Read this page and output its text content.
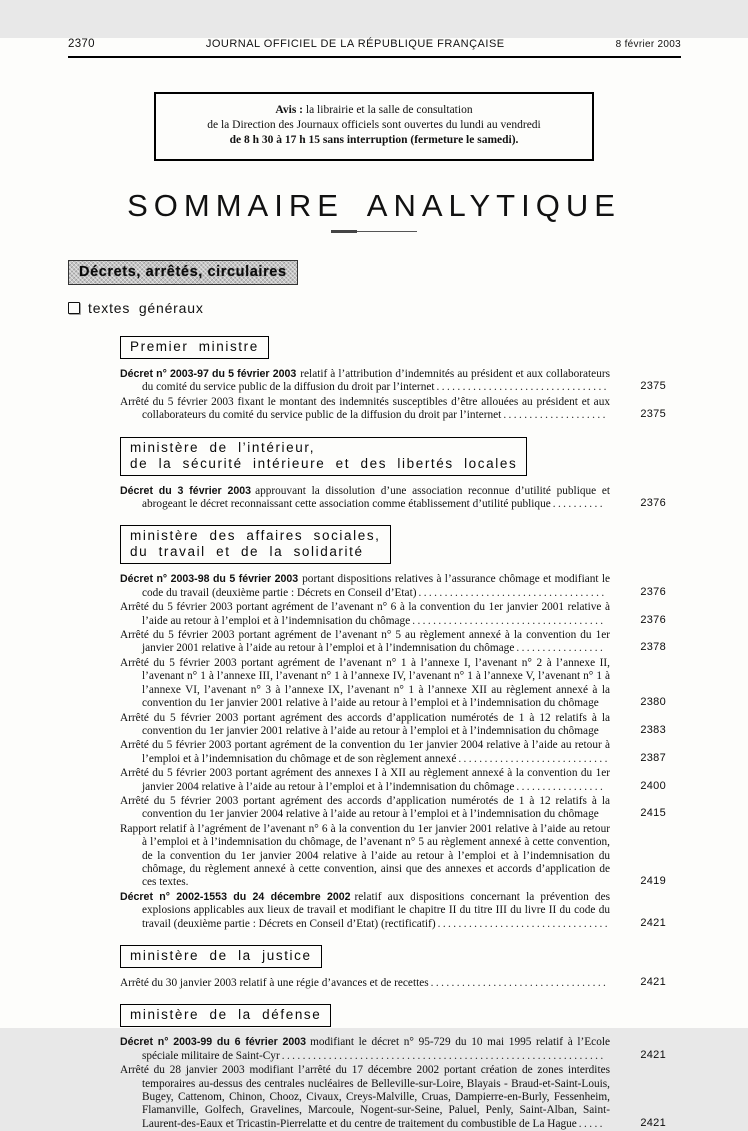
2370	JOURNAL OFFICIEL DE LA RÉPUBLIQUE FRANÇAISE	8 février 2003
Avis : la librairie et la salle de consultation
de la Direction des Journaux officiels sont ouvertes du lundi au vendredi
de 8 h 30 à 17 h 15 sans interruption (fermeture le samedi).
SOMMAIRE ANALYTIQUE
Décrets, arrêtés, circulaires
textes généraux
Premier ministre
Décret n° 2003-97 du 5 février 2003 relatif à l’attribution d’indemnités au président et aux collaborateurs du comité du service public de la diffusion du droit par l’internet .................................	2375
Arrêté du 5 février 2003 fixant le montant des indemnités susceptibles d’être allouées au président et aux collaborateurs du comité du service public de la diffusion du droit par l’internet ....................	2375
ministère de l’intérieur,
de la sécurité intérieure et des libertés locales
Décret du 3 février 2003 approuvant la dissolution d’une association reconnue d’utilité publique et abrogeant le décret reconnaissant cette association comme établissement d’utilité publique ..........	2376
ministère des affaires sociales,
du travail et de la solidarité
Décret n° 2003-98 du 5 février 2003 portant dispositions relatives à l’assurance chômage et modifiant le code du travail (deuxième partie : Décrets en Conseil d’Etat) ....................................	2376
Arrêté du 5 février 2003 portant agrément de l’avenant n° 6 à la convention du 1er janvier 2001 relative à l’aide au retour à l’emploi et à l’indemnisation du chômage .....................................	2376
Arrêté du 5 février 2003 portant agrément de l’avenant n° 5 au règlement annexé à la convention du 1er janvier 2001 relative à l’aide au retour à l’emploi et à l’indemnisation du chômage .................	2378
Arrêté du 5 février 2003 portant agrément de l’avenant n° 1 à l’annexe I, l’avenant n° 2 à l’annexe II, l’avenant n° 1 à l’annexe III, l’avenant n° 1 à l’annexe IV, l’avenant n° 1 à l’annexe V, l’avenant n° 1 à l’annexe VI, l’avenant n° 3 à l’annexe IX, l’avenant n° 1 à l’annexe XII au règlement annexé à la convention du 1er janvier 2001 relative à l’aide au retour à l’emploi et à l’indemnisation du chômage	2380
Arrêté du 5 février 2003 portant agrément des accords d’application numérotés de 1 à 12 relatifs à la convention du 1er janvier 2001 relative à l’aide au retour à l’emploi et à l’indemnisation du chômage	2383
Arrêté du 5 février 2003 portant agrément de la convention du 1er janvier 2004 relative à l’aide au retour à l’emploi et à l’indemnisation du chômage et de son règlement annexé .............................	2387
Arrêté du 5 février 2003 portant agrément des annexes I à XII au règlement annexé à la convention du 1er janvier 2004 relative à l’aide au retour à l’emploi et à l’indemnisation du chômage .................	2400
Arrêté du 5 février 2003 portant agrément des accords d’application numérotés de 1 à 12 relatifs à la convention du 1er janvier 2004 relative à l’aide au retour à l’emploi et à l’indemnisation du chômage	2415
Rapport relatif à l’agrément de l’avenant n° 6 à la convention du 1er janvier 2001 relative à l’aide au retour à l’emploi et à l’indemnisation du chômage, de l’avenant n° 5 au règlement annexé à cette convention, de la convention du 1er janvier 2004 relative à l’aide au retour à l’emploi et à l’indemnisation du chômage, du règlement annexé à cette convention, ainsi que des annexes et accords d’application de ces textes.	2419
Décret n° 2002-1553 du 24 décembre 2002 relatif aux dispositions concernant la prévention des explosions applicables aux lieux de travail et modifiant le chapitre II du titre III du livre II du code du travail (deuxième partie : Décrets en Conseil d’Etat) (rectificatif) .................................	2421
ministère de la justice
Arrêté du 30 janvier 2003 relatif à une régie d’avances et de recettes ..................................	2421
ministère de la défense
Décret n° 2003-99 du 6 février 2003 modifiant le décret n° 95-729 du 10 mai 1995 relatif à l’Ecole spéciale militaire de Saint-Cyr ..............................................................	2421
Arrêté du 28 janvier 2003 modifiant l’arrêté du 17 décembre 2002 portant création de zones interdites temporaires au-dessus des centrales nucléaires de Belleville-sur-Loire, Blayais - Braud-et-Saint-Louis, Bugey, Cattenom, Chinon, Chooz, Civaux, Creys-Malville, Cruas, Dampierre-en-Burly, Fessenheim, Flamanville, Golfech, Gravelines, Marcoule, Nogent-sur-Seine, Paluel, Penly, Saint-Alban, Saint-Laurent-des-Eaux et Tricastin-Pierrelatte et du centre de traitement du combustible de La Hague .....	2421
